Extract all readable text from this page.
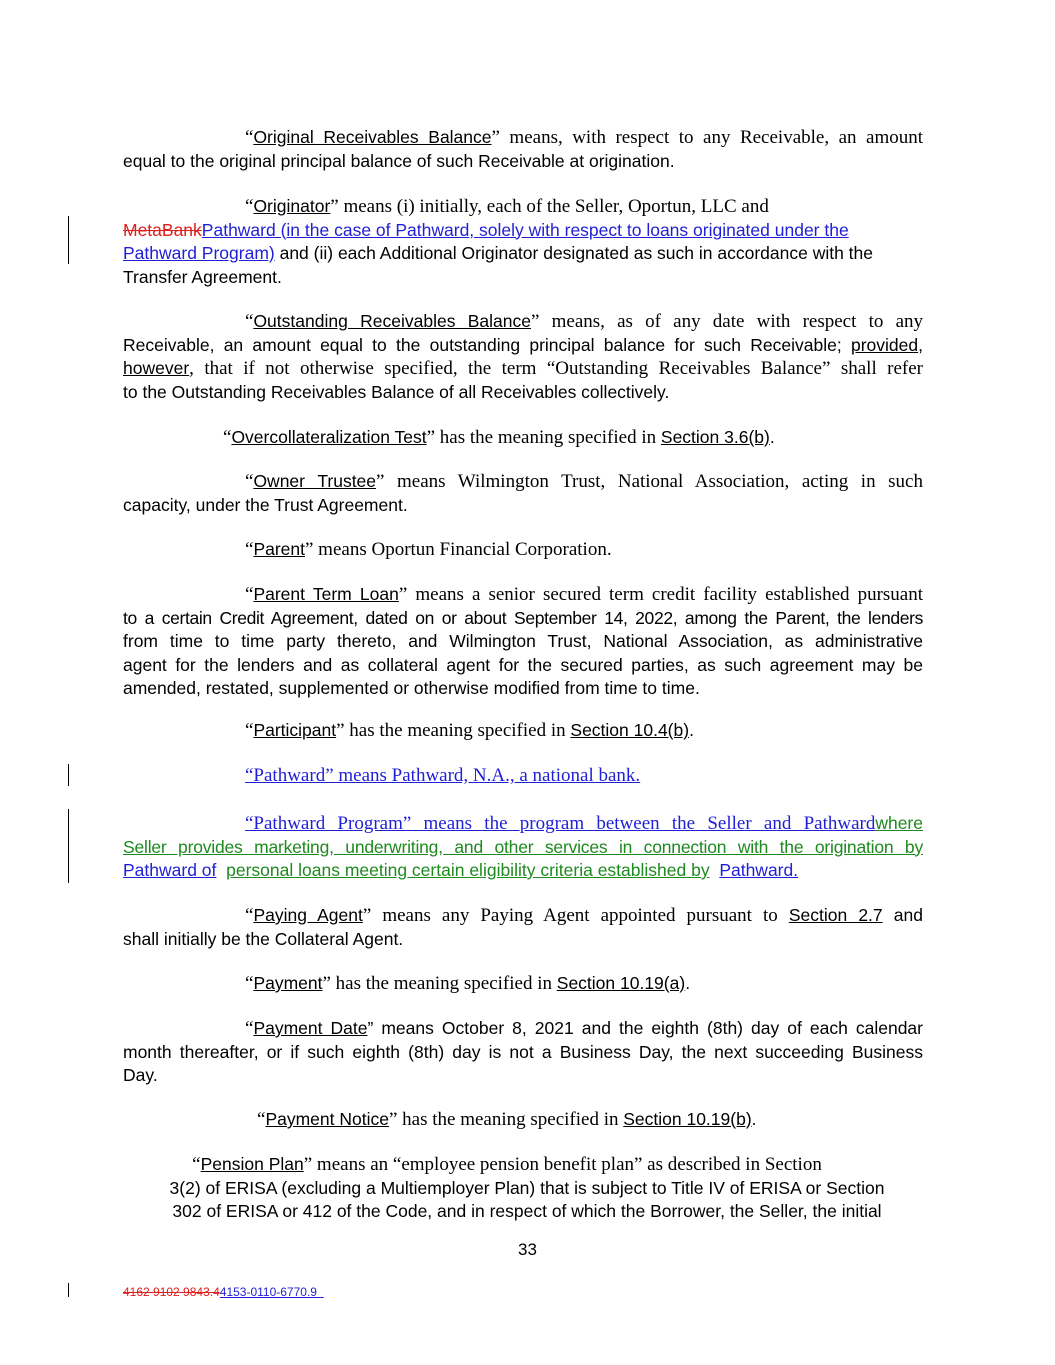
“Original Receivables Balance” means, with respect to any Receivable, an amount
equal to the original principal balance of such Receivable at origination.
“Originator” means (i) initially, each of the Seller, Oportun, LLC and
MetaBankPathward (in the case of Pathward, solely with respect to loans originated under the
Pathward Program) and (ii) each Additional Originator designated as such in accordance with the
Transfer Agreement.
“Outstanding Receivables Balance” means, as of any date with respect to any
Receivable, an amount equal to the outstanding principal balance for such Receivable; provided,
however, that if not otherwise specified, the term “Outstanding Receivables Balance” shall refer
to the Outstanding Receivables Balance of all Receivables collectively.
“Overcollateralization Test” has the meaning specified in Section 3.6(b).
“Owner Trustee” means Wilmington Trust, National Association, acting in such
capacity, under the Trust Agreement.
“Parent” means Oportun Financial Corporation.
“Parent Term Loan” means a senior secured term credit facility established pursuant
to a certain Credit Agreement, dated on or about September 14, 2022, among the Parent, the lenders
from time to time party thereto, and Wilmington Trust, National Association, as administrative
agent for the lenders and as collateral agent for the secured parties, as such agreement may be
amended, restated, supplemented or otherwise modified from time to time.
“Participant” has the meaning specified in Section 10.4(b).
“Pathward” means Pathward, N.A., a national bank.
“Pathward Program” means the program between the Seller and Pathwardwhere
Seller provides marketing, underwriting, and other services in connection with the origination by
Pathward of personal loans meeting certain eligibility criteria established by Pathward.
“Paying Agent” means any Paying Agent appointed pursuant to Section 2.7 and
shall initially be the Collateral Agent.
“Payment” has the meaning specified in Section 10.19(a).
“Payment Date” means October 8, 2021 and the eighth (8th) day of each calendar
month thereafter, or if such eighth (8th) day is not a Business Day, the next succeeding Business
Day.
“Payment Notice” has the meaning specified in Section 10.19(b).
“Pension Plan” means an “employee pension benefit plan” as described in Section
3(2) of ERISA (excluding a Multiemployer Plan) that is subject to Title IV of ERISA or Section
302 of ERISA or 412 of the Code, and in respect of which the Borrower, the Seller, the initial
33
4162 9102 9843.44153-0110-6770.9
